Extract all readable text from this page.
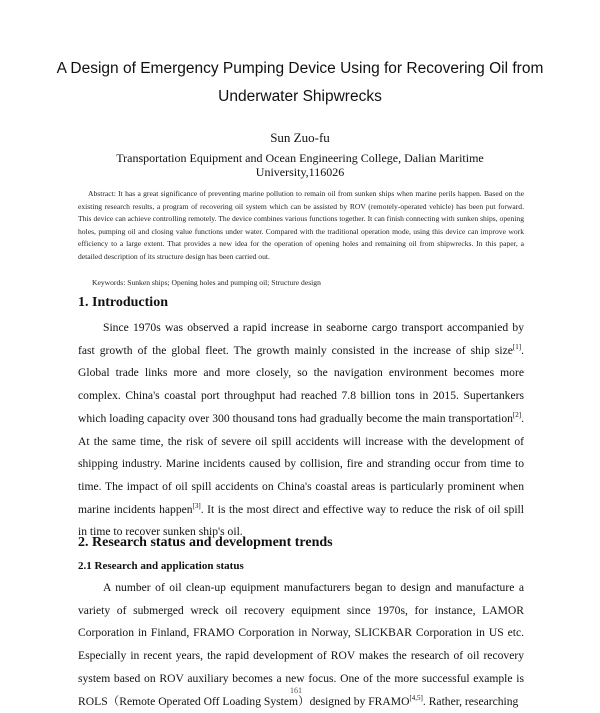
A Design of Emergency Pumping Device Using for Recovering Oil from
Underwater Shipwrecks
Sun Zuo-fu
Transportation Equipment and Ocean Engineering College, Dalian Maritime University,116026
Abstract: It has a great significance of preventing marine pollution to remain oil from sunken ships when marine perils happen. Based on the existing research results, a program of recovering oil system which can be assisted by ROV (remotely-operated vehicle) has been put forward. This device can achieve controlling remotely. The device combines various functions together. It can finish connecting with sunken ships, opening holes, pumping oil and closing value functions under water. Compared with the traditional operation mode, using this device can improve work efficiency to a large extent. That provides a new idea for the operation of opening holes and remaining oil from shipwrecks. In this paper, a detailed description of its structure design has been carried out.
Keywords: Sunken ships; Opening holes and pumping oil; Structure design
1. Introduction

Since 1970s was observed a rapid increase in seaborne cargo transport accompanied by fast growth of the global fleet. The growth mainly consisted in the increase of ship size[1]. Global trade links more and more closely, so the navigation environment becomes more complex. China's coastal port throughput had reached 7.8 billion tons in 2015. Supertankers which loading capacity over 300 thousand tons had gradually become the main transportation[2]. At the same time, the risk of severe oil spill accidents will increase with the development of shipping industry. Marine incidents caused by collision, fire and stranding occur from time to time. The impact of oil spill accidents on China's coastal areas is particularly prominent when marine incidents happen[3]. It is the most direct and effective way to reduce the risk of oil spill in time to recover sunken ship's oil.

2. Research status and development trends
2.1 Research and application status

A number of oil clean-up equipment manufacturers began to design and manufacture a variety of submerged wreck oil recovery equipment since 1970s, for instance, LAMOR Corporation in Finland, FRAMO Corporation in Norway, SLICKBAR Corporation in US etc. Especially in recent years, the rapid development of ROV makes the research of oil recovery system based on ROV auxiliary becomes a new focus. One of the more successful example is ROLS（Remote Operated Off Loading System）designed by FRAMO[4,5]. Rather, researching

161
